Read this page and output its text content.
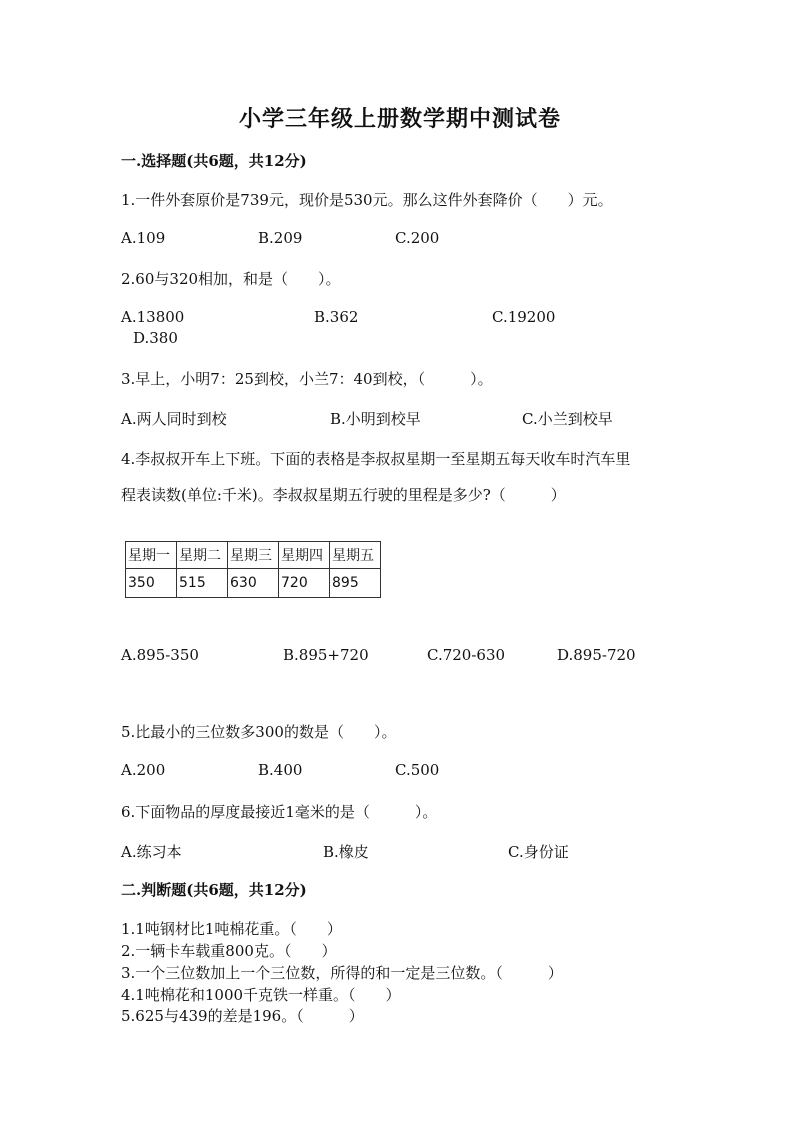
小学三年级上册数学期中测试卷
一.选择题(共6题，共12分)
1.一件外套原价是739元，现价是530元。那么这件外套降价（　　）元。
A.109	B.209	C.200
2.60与320相加，和是（　　）。
A.13800	B.362	C.19200
D.380
3.早上，小明7：25到校，小兰7：40到校，（　　　）。
A.两人同时到校	B.小明到校早	C.小兰到校早
4.李叔叔开车上下班。下面的表格是李叔叔星期一至星期五每天收车时汽车里
程表读数(单位:千米)。李叔叔星期五行驶的里程是多少?（　　　）
星期一	星期二	星期三	星期四	星期五
350	515	630	720	895
A.895-350	B.895+720	C.720-630	D.895-720
5.比最小的三位数多300的数是（　　）。
A.200	B.400	C.500
6.下面物品的厚度最接近1毫米的是（　　　）。
A.练习本	B.橡皮	C.身份证
二.判断题(共6题，共12分)
1.1吨钢材比1吨棉花重。（　　）
2.一辆卡车载重800克。（　　）
3.一个三位数加上一个三位数，所得的和一定是三位数。（　　　）
4.1吨棉花和1000千克铁一样重。（　　）
5.625与439的差是196。（　　　）
